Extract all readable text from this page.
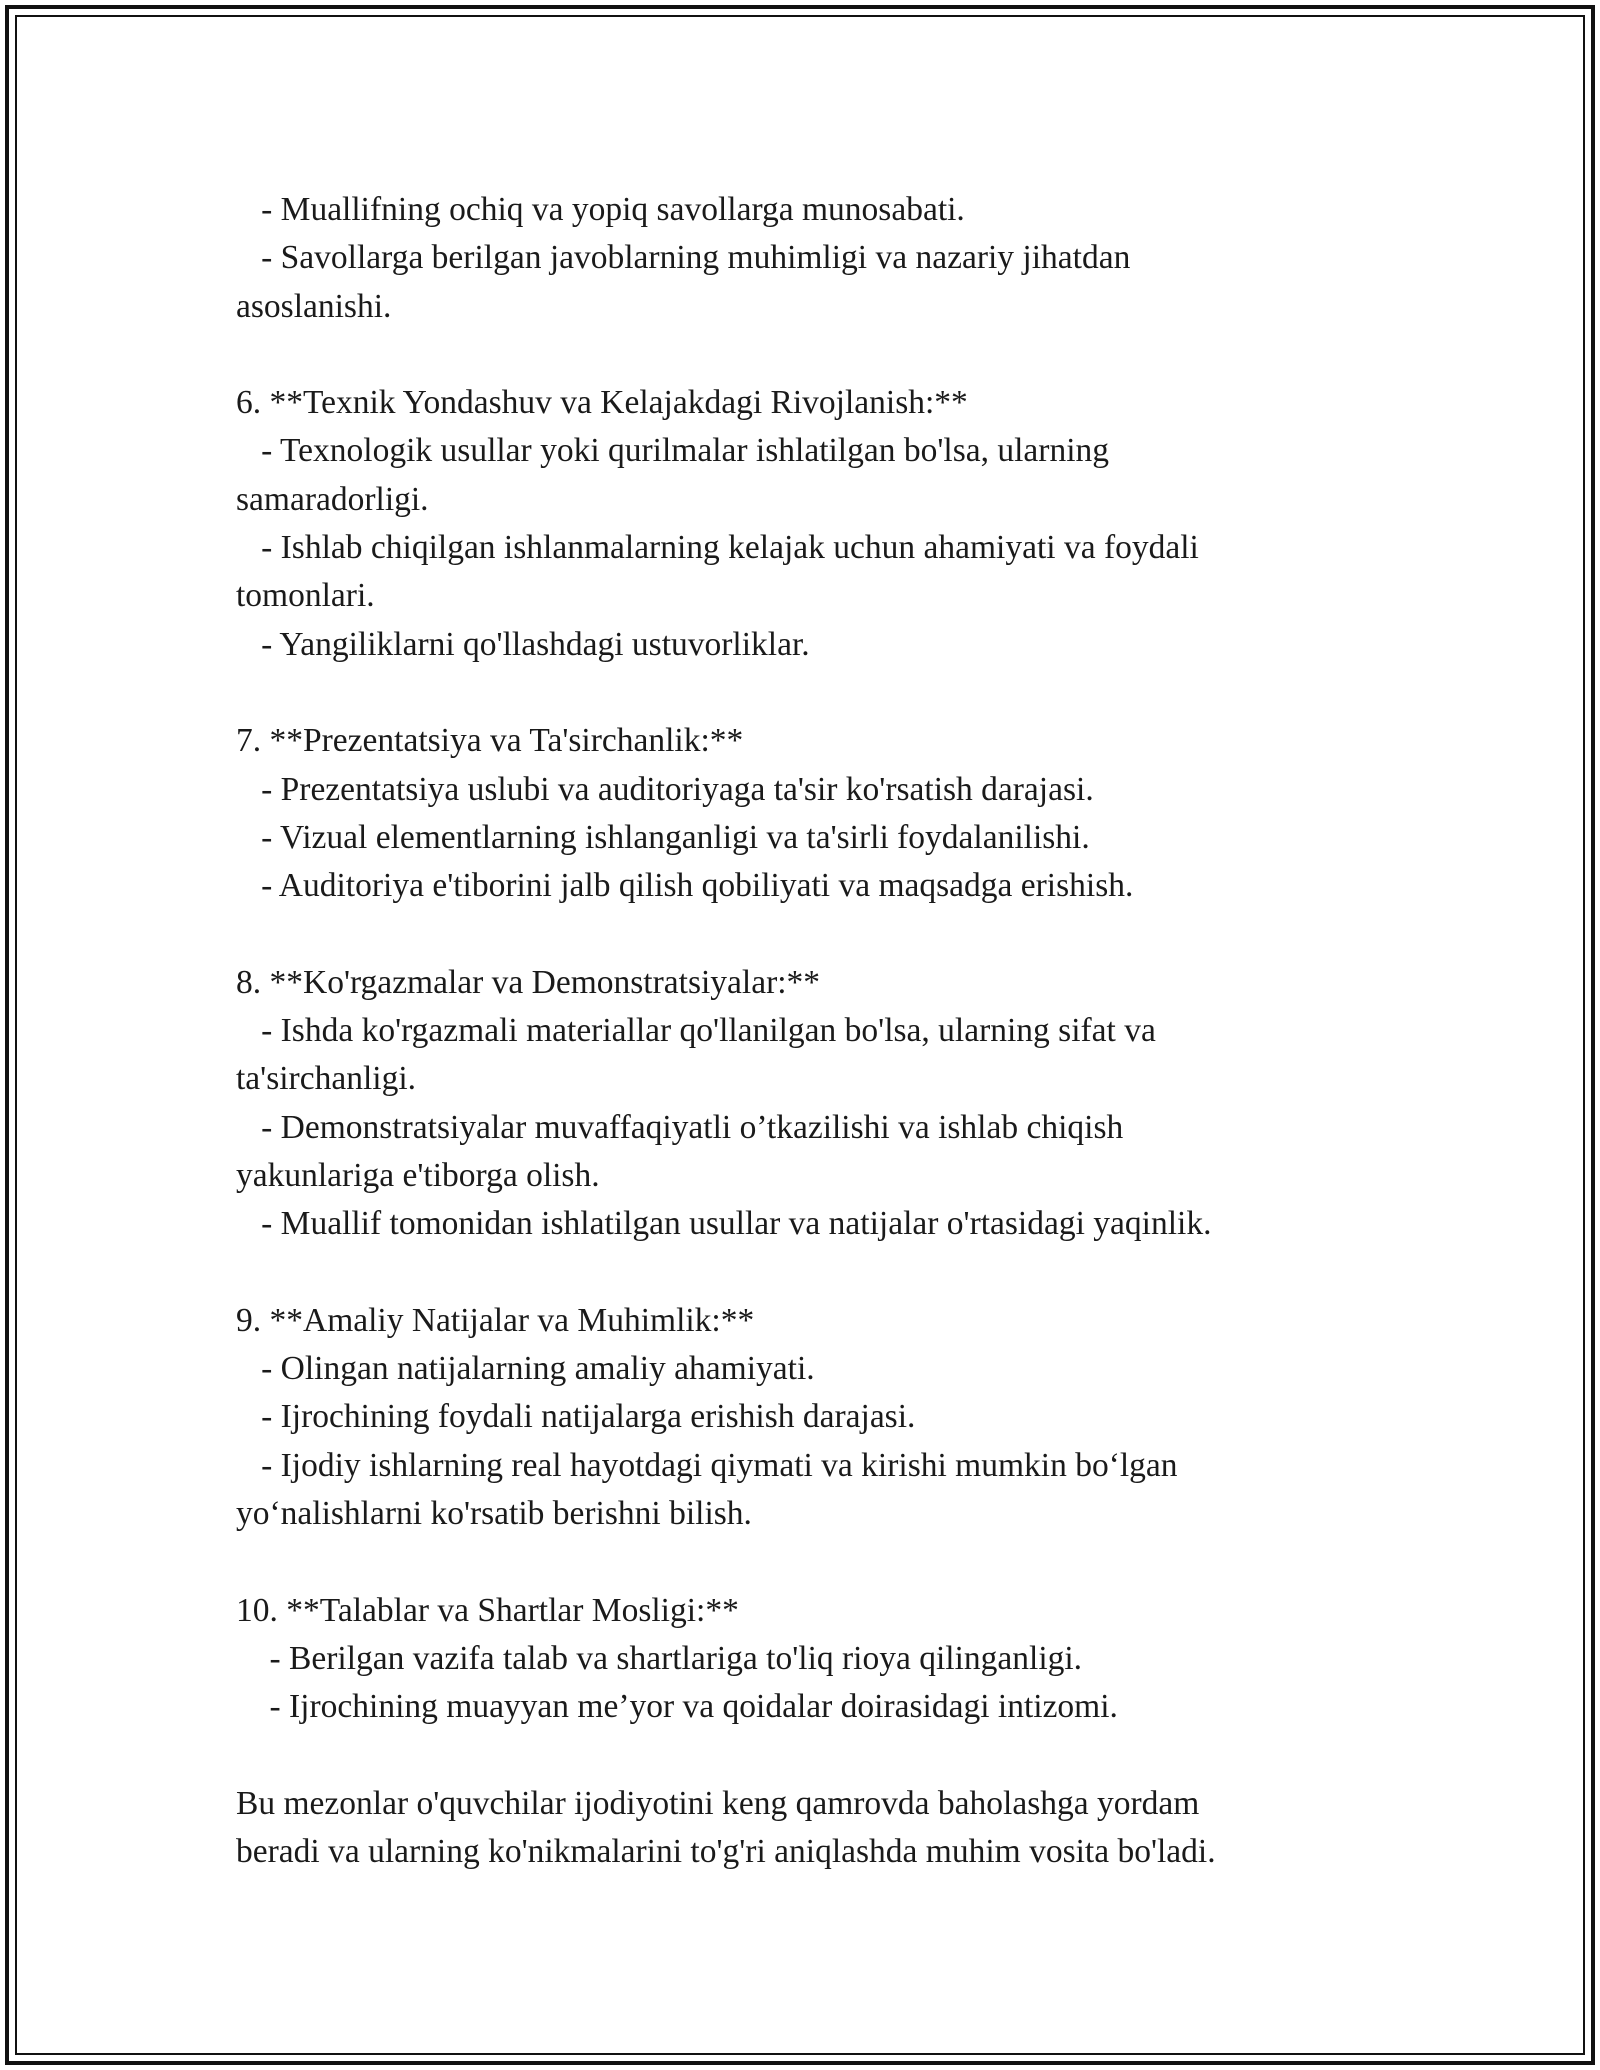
- Muallifning ochiq va yopiq savollarga munosabati.
- Savollarga berilgan javoblarning muhimligi va nazariy jihatdan
asoslanishi.
6. **Texnik Yondashuv va Kelajakdagi Rivojlanish:**
- Texnologik usullar yoki qurilmalar ishlatilgan bo'lsa, ularning
samaradorligi.
- Ishlab chiqilgan ishlanmalarning kelajak uchun ahamiyati va foydali
tomonlari.
- Yangiliklarni qo'llashdagi ustuvorliklar.
7. **Prezentatsiya va Ta'sirchanlik:**
- Prezentatsiya uslubi va auditoriyaga ta'sir ko'rsatish darajasi.
- Vizual elementlarning ishlanganligi va ta'sirli foydalanilishi.
- Auditoriya e'tiborini jalb qilish qobiliyati va maqsadga erishish.
8. **Ko'rgazmalar va Demonstratsiyalar:**
- Ishda ko'rgazmali materiallar qo'llanilgan bo'lsa, ularning sifat va
ta'sirchanligi.
- Demonstratsiyalar muvaffaqiyatli o’tkazilishi va ishlab chiqish
yakunlariga e'tiborga olish.
- Muallif tomonidan ishlatilgan usullar va natijalar o'rtasidagi yaqinlik.
9. **Amaliy Natijalar va Muhimlik:**
- Olingan natijalarning amaliy ahamiyati.
- Ijrochining foydali natijalarga erishish darajasi.
- Ijodiy ishlarning real hayotdagi qiymati va kirishi mumkin bo‘lgan
yo‘nalishlarni ko'rsatib berishni bilish.
10. **Talablar va Shartlar Mosligi:**
- Berilgan vazifa talab va shartlariga to'liq rioya qilinganligi.
- Ijrochining muayyan me’yor va qoidalar doirasidagi intizomi.
Bu mezonlar o'quvchilar ijodiyotini keng qamrovda baholashga yordam
beradi va ularning ko'nikmalarini to'g'ri aniqlashda muhim vosita bo'ladi.
